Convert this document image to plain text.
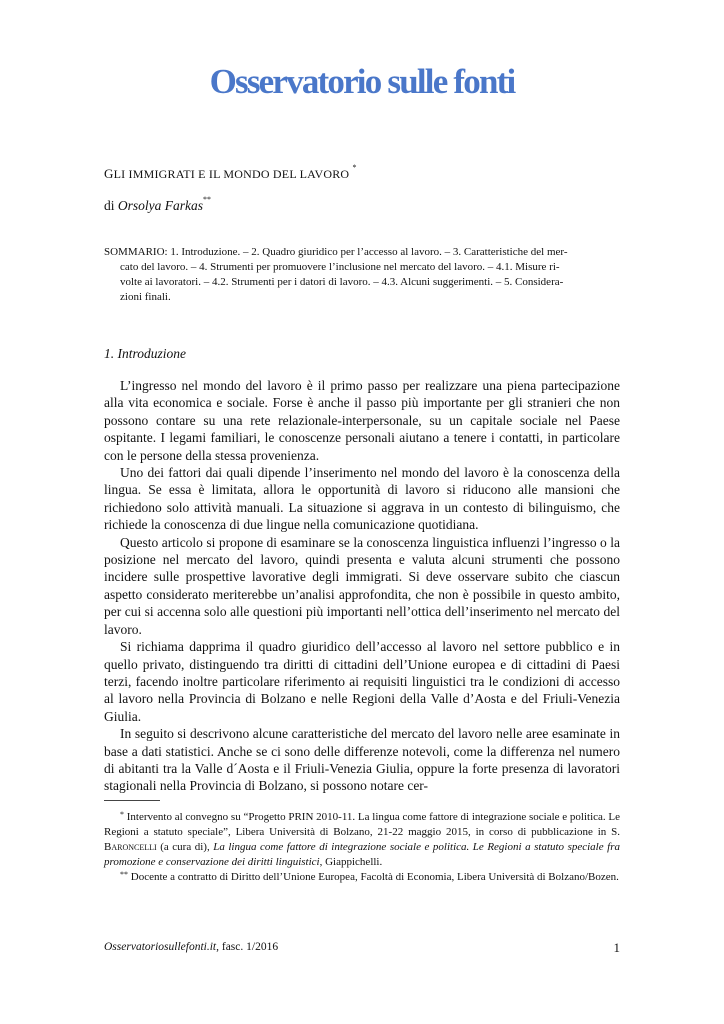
Osservatorio sulle fonti
GLI IMMIGRATI E IL MONDO DEL LAVORO *
di Orsolya Farkas**
SOMMARIO: 1. Introduzione. – 2. Quadro giuridico per l’accesso al lavoro. – 3. Caratteristiche del mer-
cato del lavoro. – 4. Strumenti per promuovere l’inclusione nel mercato del lavoro. – 4.1. Misure ri-
volte ai lavoratori. – 4.2. Strumenti per i datori di lavoro. – 4.3. Alcuni suggerimenti. – 5. Considera-
zioni finali.
1. Introduzione

L’ingresso nel mondo del lavoro è il primo passo per realizzare una piena partecipazione alla vita economica e sociale. Forse è anche il passo più importante per gli stranieri che non possono contare su una rete relazionale-interpersonale, su un capitale sociale nel Paese ospitante. I legami familiari, le conoscenze personali aiutano a tenere i contatti, in particolare con le persone della stessa provenienza.

Uno dei fattori dai quali dipende l’inserimento nel mondo del lavoro è la conoscenza della lingua. Se essa è limitata, allora le opportunità di lavoro si riducono alle mansioni che richiedono solo attività manuali. La situazione si aggrava in un contesto di bilinguismo, che richiede la conoscenza di due lingue nella comunicazione quotidiana.

Questo articolo si propone di esaminare se la conoscenza linguistica influenzi l’ingresso o la posizione nel mercato del lavoro, quindi presenta e valuta alcuni strumenti che possono incidere sulle prospettive lavorative degli immigrati. Si deve osservare subito che ciascun aspetto considerato meriterebbe un’analisi approfondita, che non è possibile in questo ambito, per cui si accenna solo alle questioni più importanti nell’ottica dell’inserimento nel mercato del lavoro.

Si richiama dapprima il quadro giuridico dell’accesso al lavoro nel settore pubblico e in quello privato, distinguendo tra diritti di cittadini dell’Unione europea e di cittadini di Paesi terzi, facendo inoltre particolare riferimento ai requisiti linguistici tra le condizioni di accesso al lavoro nella Provincia di Bolzano e nelle Regioni della Valle d’Aosta e del Friuli-Venezia Giulia.

In seguito si descrivono alcune caratteristiche del mercato del lavoro nelle aree esaminate in base a dati statistici. Anche se ci sono delle differenze notevoli, come la differenza nel numero di abitanti tra la Valle d´Aosta e il Friuli-Venezia Giulia, oppure la forte presenza di lavoratori stagionali nella Provincia di Bolzano, si possono notare cer-

* Intervento al convegno su “Progetto PRIN 2010-11. La lingua come fattore di integrazione sociale e politica. Le Regioni a statuto speciale”, Libera Università di Bolzano, 21-22 maggio 2015, in corso di pubblicazione in S. Baroncelli (a cura di), La lingua come fattore di integrazione sociale e politica. Le Regioni a statuto speciale fra promozione e conservazione dei diritti linguistici, Giappichelli.

** Docente a contratto di Diritto dell’Unione Europea, Facoltà di Economia, Libera Università di Bolzano/Bozen.

Osservatoriosullefonti.it, fasc. 1/2016	1
